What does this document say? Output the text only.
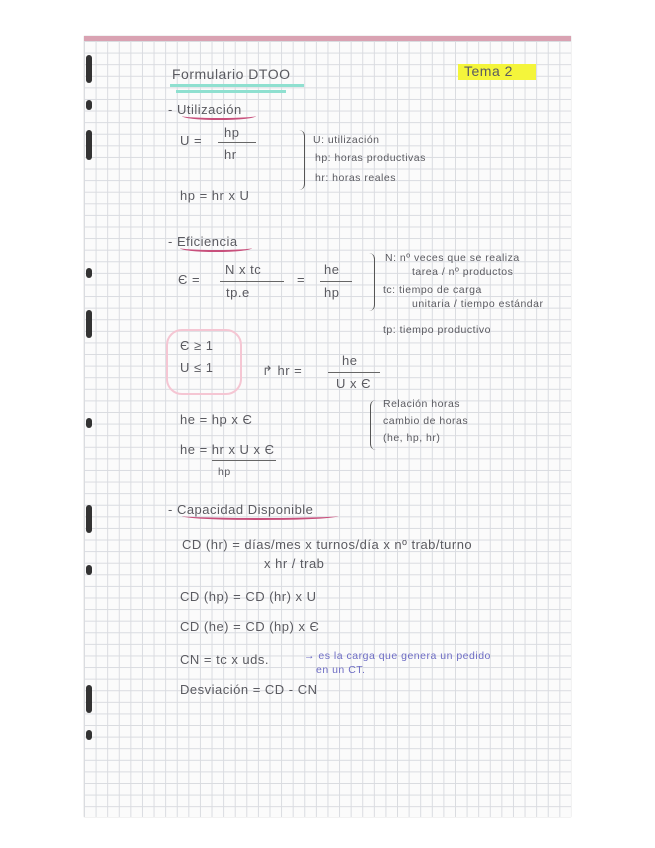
Formulario DTOO	Tema 2
- Utilización
U =
hp
hr
hp = hr x U
U: utilización
hp: horas productivas
hr: horas reales
- Eficiencia
Є =
N x tc
tp.e
=
he
hp
N: nº veces que se realiza
tarea / nº productos
tc: tiempo de carga
unitaria / tiempo estándar
tp: tiempo productivo
Є ≥ 1
U ≤ 1	↱ hr =
he
U x Є
he = hp x Є
he = hr x U x Є
hp
Relación horas
cambio de horas
(he, hp, hr)
- Capacidad Disponible
CD (hr) = días/mes x turnos/día x nº trab/turno
x hr / trab
CD (hp) = CD (hr) x U
CD (he) = CD (hp) x Є
CN = tc x uds.	→ es la carga que genera un pedido
en un CT.
Desviación = CD - CN
